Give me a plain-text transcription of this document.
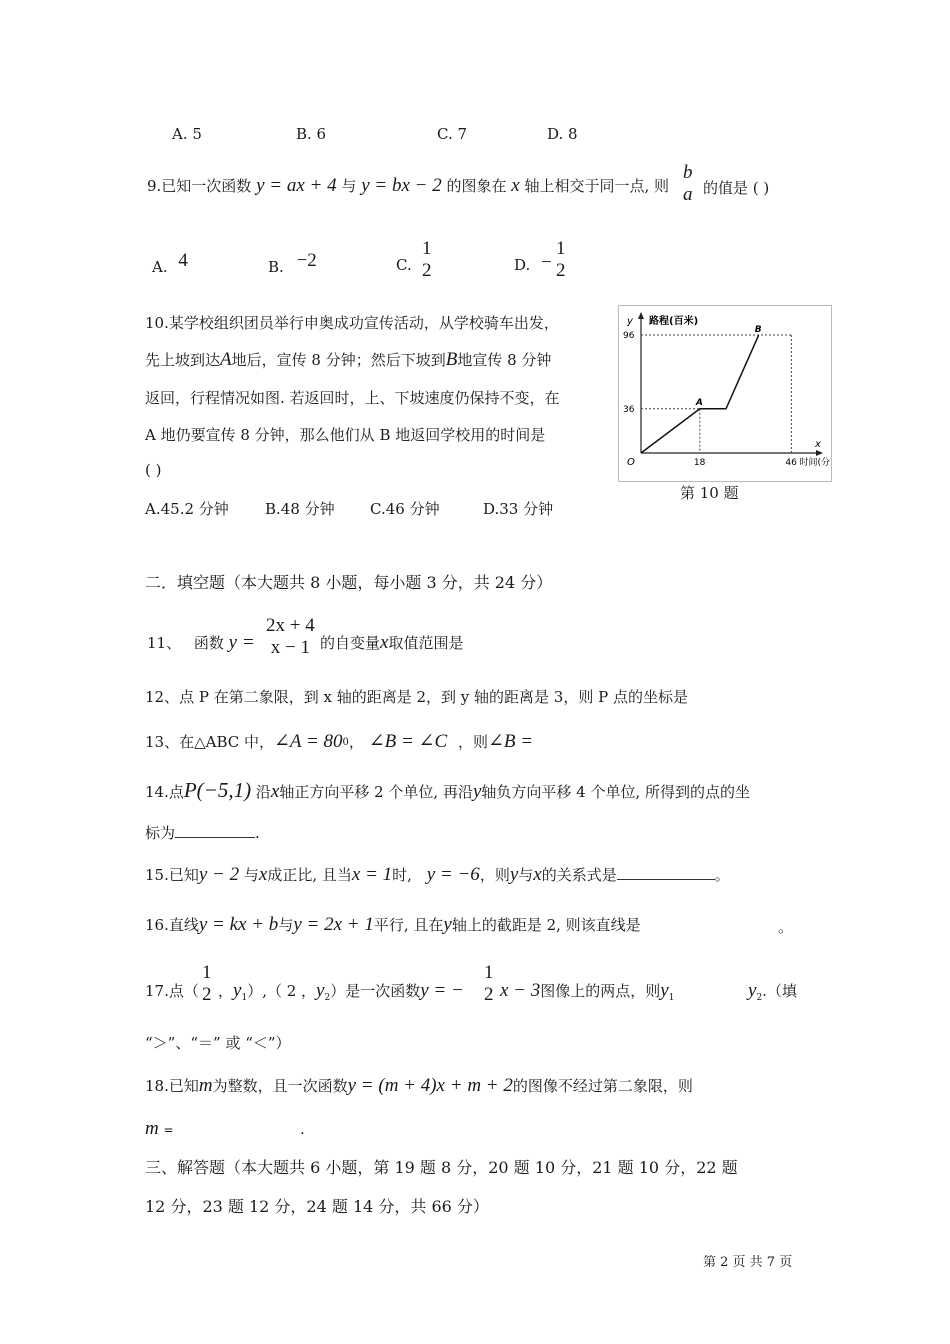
A. 5	B. 6	C. 7	D. 8
9.已知一次函数 y = ax + 4 与 y = bx − 2 的图象在 x 轴上相交于同一点, 则
b
a 的值是 ( )
A. 4	B. −2	C.
1
2	D. −
1
2
10.某学校组织团员举行申奥成功宣传活动，从学校骑车出发，
先上坡到达A地后，宣传 8 分钟；然后下坡到B地宣传 8 分钟
返回，行程情况如图. 若返回时，上、下坡速度仍保持不变，在
A 地仍要宣传 8 分钟，那么他们从 B 地返回学校用的时间是
( )
A.45.2 分钟 B.48 分钟 C.46 分钟	D.33 分钟
y 路程(百米)
x
O	时间(分)
18	46
36
96
A
B
第 10 题
二．填空题（本大题共 8 小题，每小题 3 分，共 24 分）
11、 函数 y =
2x + 4
x − 1 的自变量x取值范围是
12、点 P 在第二象限，到 x 轴的距离是 2，到 y 轴的距离是 3，则 P 点的坐标是
13、在△ABC 中，∠A = 800， ∠B = ∠C ，则∠B =
14.点P(−5,1) 沿x轴正方向平移 2 个单位, 再沿y轴负方向平移 4 个单位, 所得到的点的坐
标为	.
15.已知y − 2 与x成正比, 且当x = 1时, y = −6，则y与x的关系式是	。
16.直线y = kx + b与y = 2x + 1平行, 且在y轴上的截距是 2, 则该直线是	。
17.点（
1
2 ，$y_1$）,（ 2 ，$y_2$）是一次函数y = −
1
2 x − 3图像上的两点，则$y_1$	$y_2$.（填
“＞”、“＝” 或 “＜”）
18.已知m为整数，且一次函数y = (m + 4)x + m + 2的图像不经过第二象限，则
m =	.
三、解答题（本大题共 6 小题，第 19 题 8 分，20 题 10 分，21 题 10 分，22 题
12 分，23 题 12 分，24 题 14 分，共 66 分）
第 2 页 共 7 页
